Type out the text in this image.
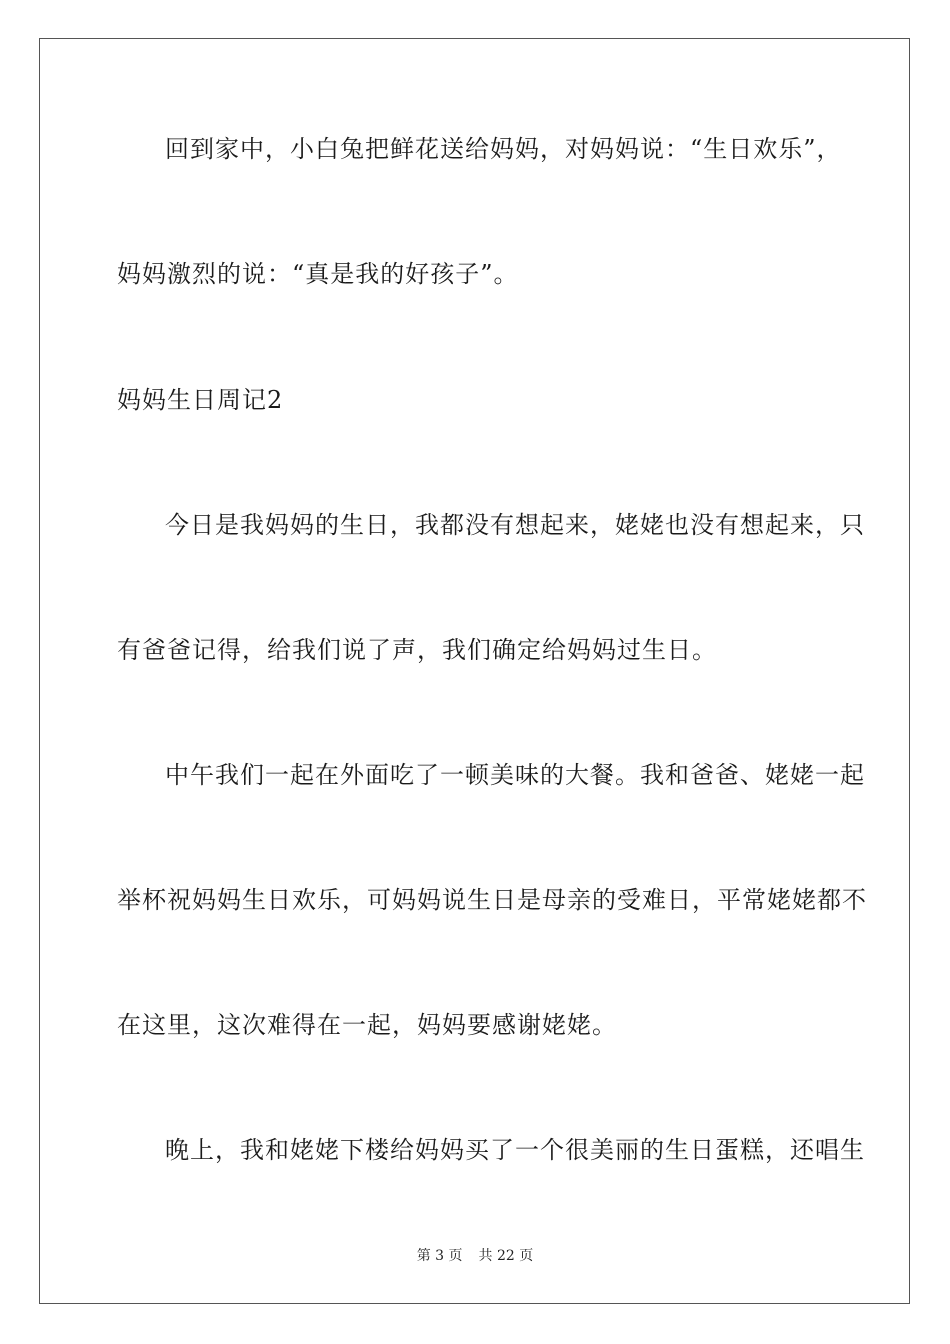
回到家中，小白兔把鲜花送给妈妈，对妈妈说：“生日欢乐”，
妈妈激烈的说：“真是我的好孩子”。
妈妈生日周记2
今日是我妈妈的生日，我都没有想起来，姥姥也没有想起来，只
有爸爸记得，给我们说了声，我们确定给妈妈过生日。
中午我们一起在外面吃了一顿美味的大餐。我和爸爸、姥姥一起
举杯祝妈妈生日欢乐，可妈妈说生日是母亲的受难日，平常姥姥都不
在这里，这次难得在一起，妈妈要感谢姥姥。
晚上，我和姥姥下楼给妈妈买了一个很美丽的生日蛋糕，还唱生
第 3 页 共 22 页
